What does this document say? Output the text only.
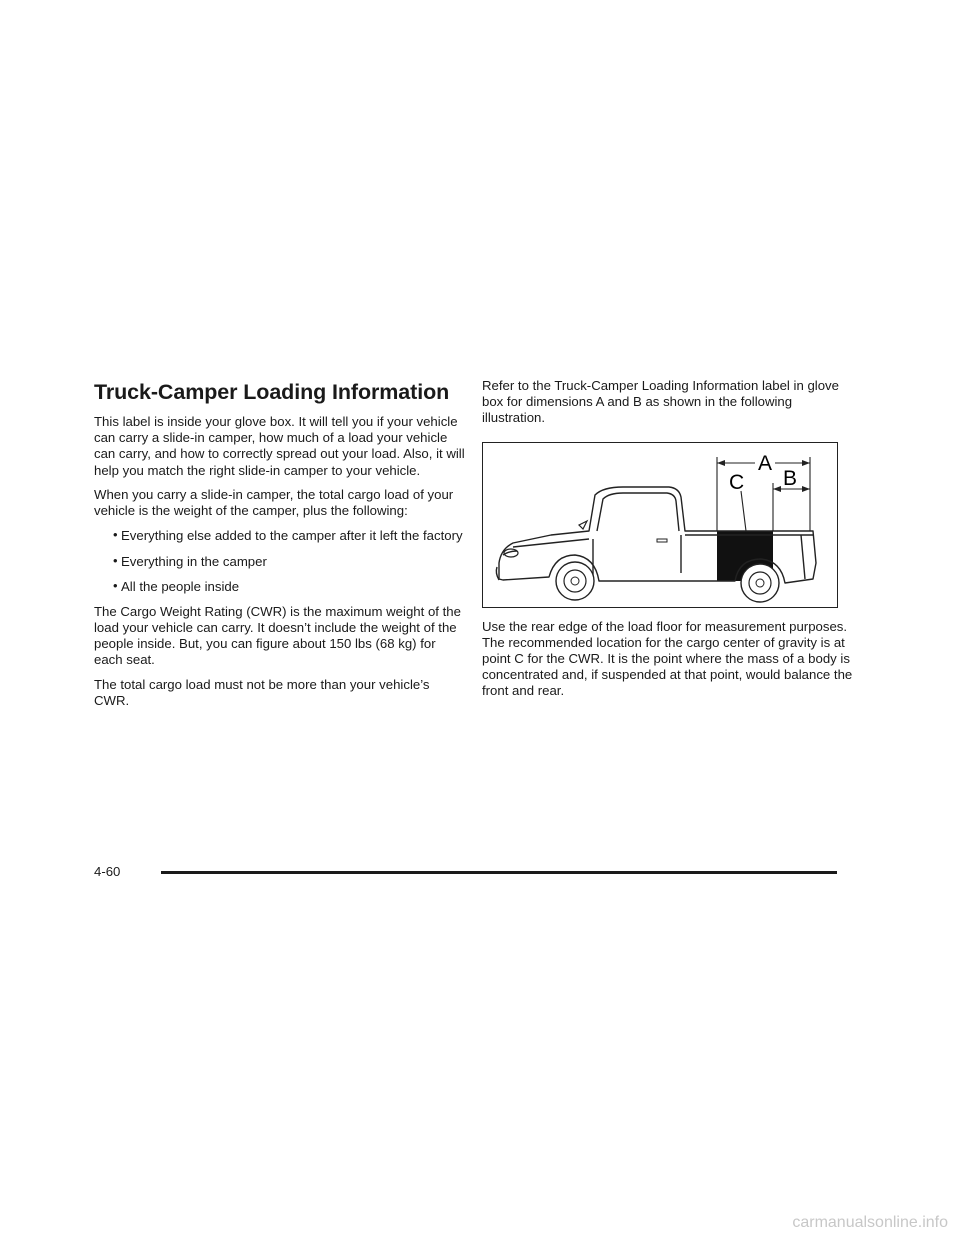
Truck-Camper Loading Information

This label is inside your glove box. It will tell you if your vehicle can carry a slide-in camper, how much of a load your vehicle can carry, and how to correctly spread out your load. Also, it will help you match the right slide-in camper to your vehicle.

When you carry a slide-in camper, the total cargo load of your vehicle is the weight of the camper, plus the following:

• Everything else added to the camper after it left the factory
• Everything in the camper
• All the people inside

The Cargo Weight Rating (CWR) is the maximum weight of the load your vehicle can carry. It doesn’t include the weight of the people inside. But, you can figure about 150 lbs (68 kg) for each seat.

The total cargo load must not be more than your vehicle’s CWR.

Refer to the Truck-Camper Loading Information label in glove box for dimensions A and B as shown in the following illustration.

A
B
C

Use the rear edge of the load floor for measurement purposes. The recommended location for the cargo center of gravity is at point C for the CWR. It is the point where the mass of a body is concentrated and, if suspended at that point, would balance the front and rear.

4-60
carmanualsonline.info
